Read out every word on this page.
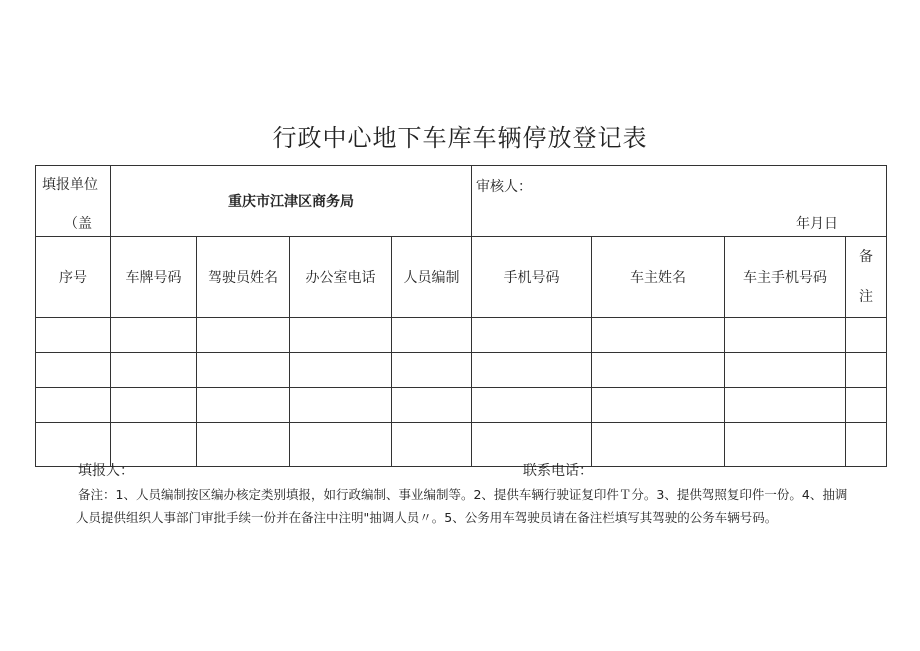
行政中心地下车库车辆停放登记表
填报单位
（盖	重庆市江津区商务局				审核人：
年月日			

序号	车牌号码	驾驶员姓名	办公室电话	人员编制	手机号码	车主姓名	车主手机号码	备
注

填报人：	联系电话：
备注：1、人员编制按区编办核定类别填报，如行政编制、事业编制等。2、提供车辆行驶证复印件Ｔ分。3、提供驾照复印件一份。4、抽调
人员提供组织人事部门审批手续一份并在备注中注明"抽调人员〃。5、公务用车驾驶员请在备注栏填写其驾驶的公务车辆号码。
